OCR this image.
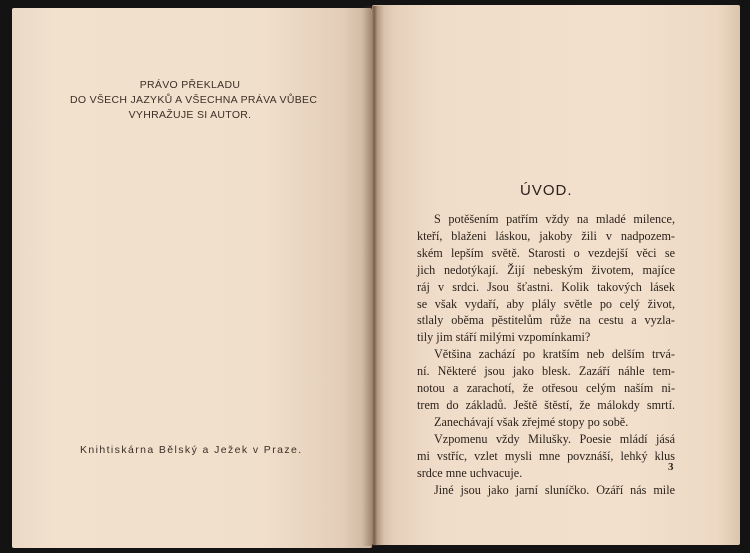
PRÁVO PŘEKLADU
DO VŠECH JAZYKŮ A VŠECHNA PRÁVA VŮBEC
VYHRAŽUJE SI AUTOR.
Knihtiskárna Bělský a Ježek v Praze.
ÚVOD.
S potěšením patřím vždy na mladé milence,
kteří, blaženi láskou, jakoby žili v nadpozem-
ském lepším světě. Starosti o vezdejší věci se
jich nedotýkají. Žijí nebeským životem, majíce
ráj v srdci. Jsou šťastni. Kolik takových lásek
se však vydaří, aby plály světle po celý život,
stlaly oběma pěstitelům růže na cestu a vyzla-
tily jim stáří milými vzpomínkami?
Většina zachází po kratším neb delším trvá-
ní. Některé jsou jako blesk. Zazáří náhle tem-
notou a zarachotí, že otřesou celým naším ni-
trem do základů. Ještě štěstí, že málokdy smrtí.
Zanechávají však zřejmé stopy po sobě.
Vzpomenu vždy Milušky. Poesie mládí jásá
mi vstříc, vzlet mysli mne povznáší, lehký klus
srdce mne uchvacuje.
Jiné jsou jako jarní sluníčko. Ozáří nás mile
3
